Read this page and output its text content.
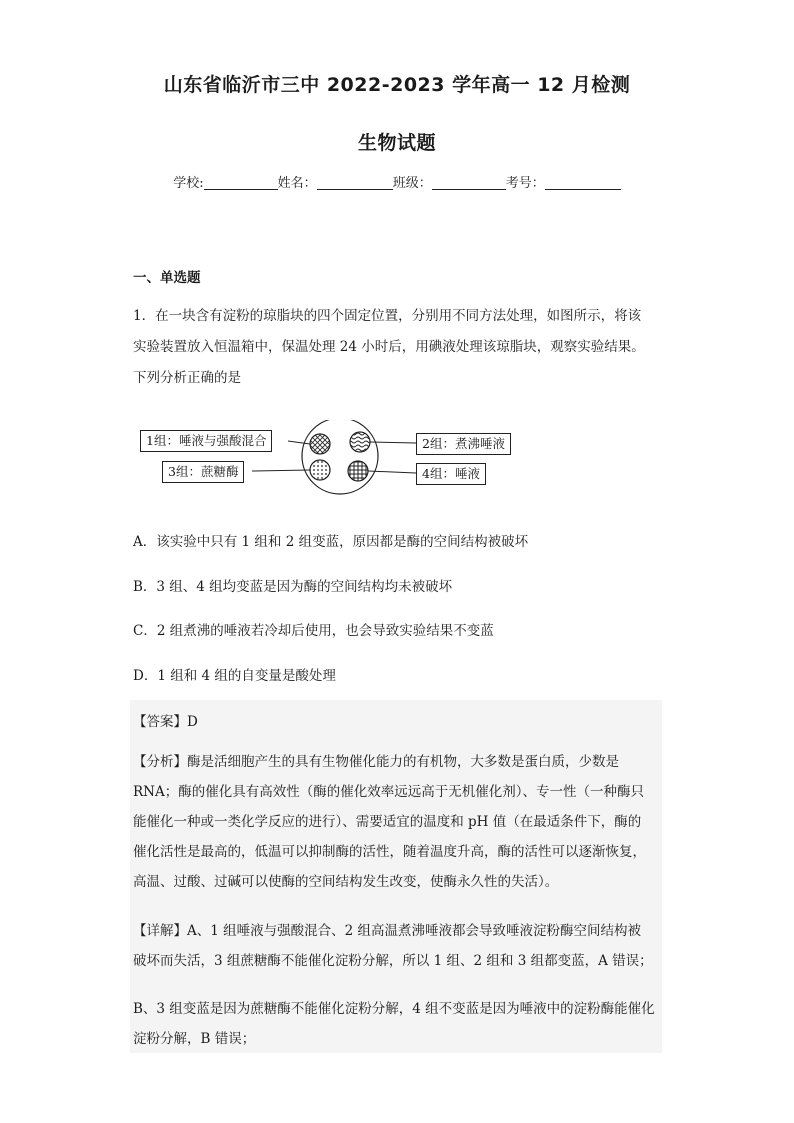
山东省临沂市三中 2022-2023 学年高一 12 月检测
生物试题
学校:	姓名：	班级：	考号：
一、单选题
1．在一块含有淀粉的琼脂块的四个固定位置，分别用不同方法处理，如图所示，将该
实验装置放入恒温箱中，保温处理 24 小时后，用碘液处理该琼脂块，观察实验结果。
下列分析正确的是
1组：唾液与强酸混合	2组：煮沸唾液
3组：蔗糖酶	4组：唾液
A．该实验中只有 1 组和 2 组变蓝，原因都是酶的空间结构被破坏
B．3 组、4 组均变蓝是因为酶的空间结构均未被破坏
C．2 组煮沸的唾液若冷却后使用，也会导致实验结果不变蓝
D．1 组和 4 组的自变量是酸处理
【答案】D
【分析】酶是活细胞产生的具有生物催化能力的有机物，大多数是蛋白质，少数是
RNA；酶的催化具有高效性（酶的催化效率远远高于无机催化剂）、专一性（一种酶只
能催化一种或一类化学反应的进行）、需要适宜的温度和 pH 值（在最适条件下，酶的
催化活性是最高的，低温可以抑制酶的活性，随着温度升高，酶的活性可以逐渐恢复，
高温、过酸、过碱可以使酶的空间结构发生改变，使酶永久性的失活）。
【详解】A、1 组唾液与强酸混合、2 组高温煮沸唾液都会导致唾液淀粉酶空间结构被
破坏而失活，3 组蔗糖酶不能催化淀粉分解，所以 1 组、2 组和 3 组都变蓝，A 错误；
B、3 组变蓝是因为蔗糖酶不能催化淀粉分解，4 组不变蓝是因为唾液中的淀粉酶能催化
淀粉分解，B 错误；
